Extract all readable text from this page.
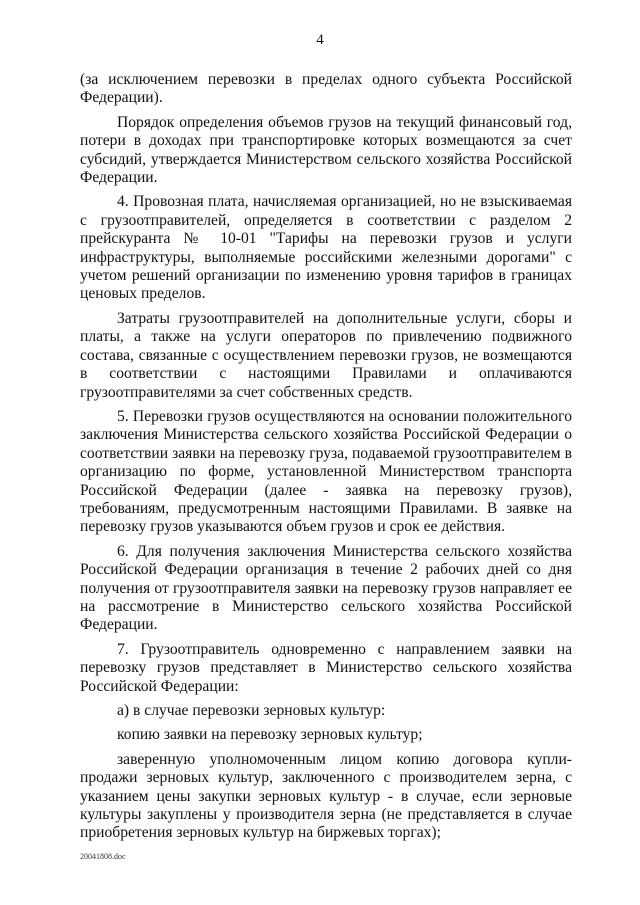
4

(за исключением перевозки в пределах одного субъекта Российской Федерации).

Порядок определения объемов грузов на текущий финансовый год, потери в доходах при транспортировке которых возмещаются за счет субсидий, утверждается Министерством сельского хозяйства Российской Федерации.

4. Провозная плата, начисляемая организацией, но не взыскиваемая с грузоотправителей, определяется в соответствии с разделом 2 прейскуранта № 10-01 "Тарифы на перевозки грузов и услуги инфраструктуры, выполняемые российскими железными дорогами" с учетом решений организации по изменению уровня тарифов в границах ценовых пределов.

Затраты грузоотправителей на дополнительные услуги, сборы и платы, а также на услуги операторов по привлечению подвижного состава, связанные с осуществлением перевозки грузов, не возмещаются в соответствии с настоящими Правилами и оплачиваются грузоотправителями за счет собственных средств.

5. Перевозки грузов осуществляются на основании положительного заключения Министерства сельского хозяйства Российской Федерации о соответствии заявки на перевозку груза, подаваемой грузоотправителем в организацию по форме, установленной Министерством транспорта Российской Федерации (далее - заявка на перевозку грузов), требованиям, предусмотренным настоящими Правилами. В заявке на перевозку грузов указываются объем грузов и срок ее действия.

6. Для получения заключения Министерства сельского хозяйства Российской Федерации организация в течение 2 рабочих дней со дня получения от грузоотправителя заявки на перевозку грузов направляет ее на рассмотрение в Министерство сельского хозяйства Российской Федерации.

7. Грузоотправитель одновременно с направлением заявки на перевозку грузов представляет в Министерство сельского хозяйства Российской Федерации:

а) в случае перевозки зерновых культур:

копию заявки на перевозку зерновых культур;

заверенную уполномоченным лицом копию договора купли-продажи зерновых культур, заключенного с производителем зерна, с указанием цены закупки зерновых культур - в случае, если зерновые культуры закуплены у производителя зерна (не представляется в случае приобретения зерновых культур на биржевых торгах);

20041808.doc
